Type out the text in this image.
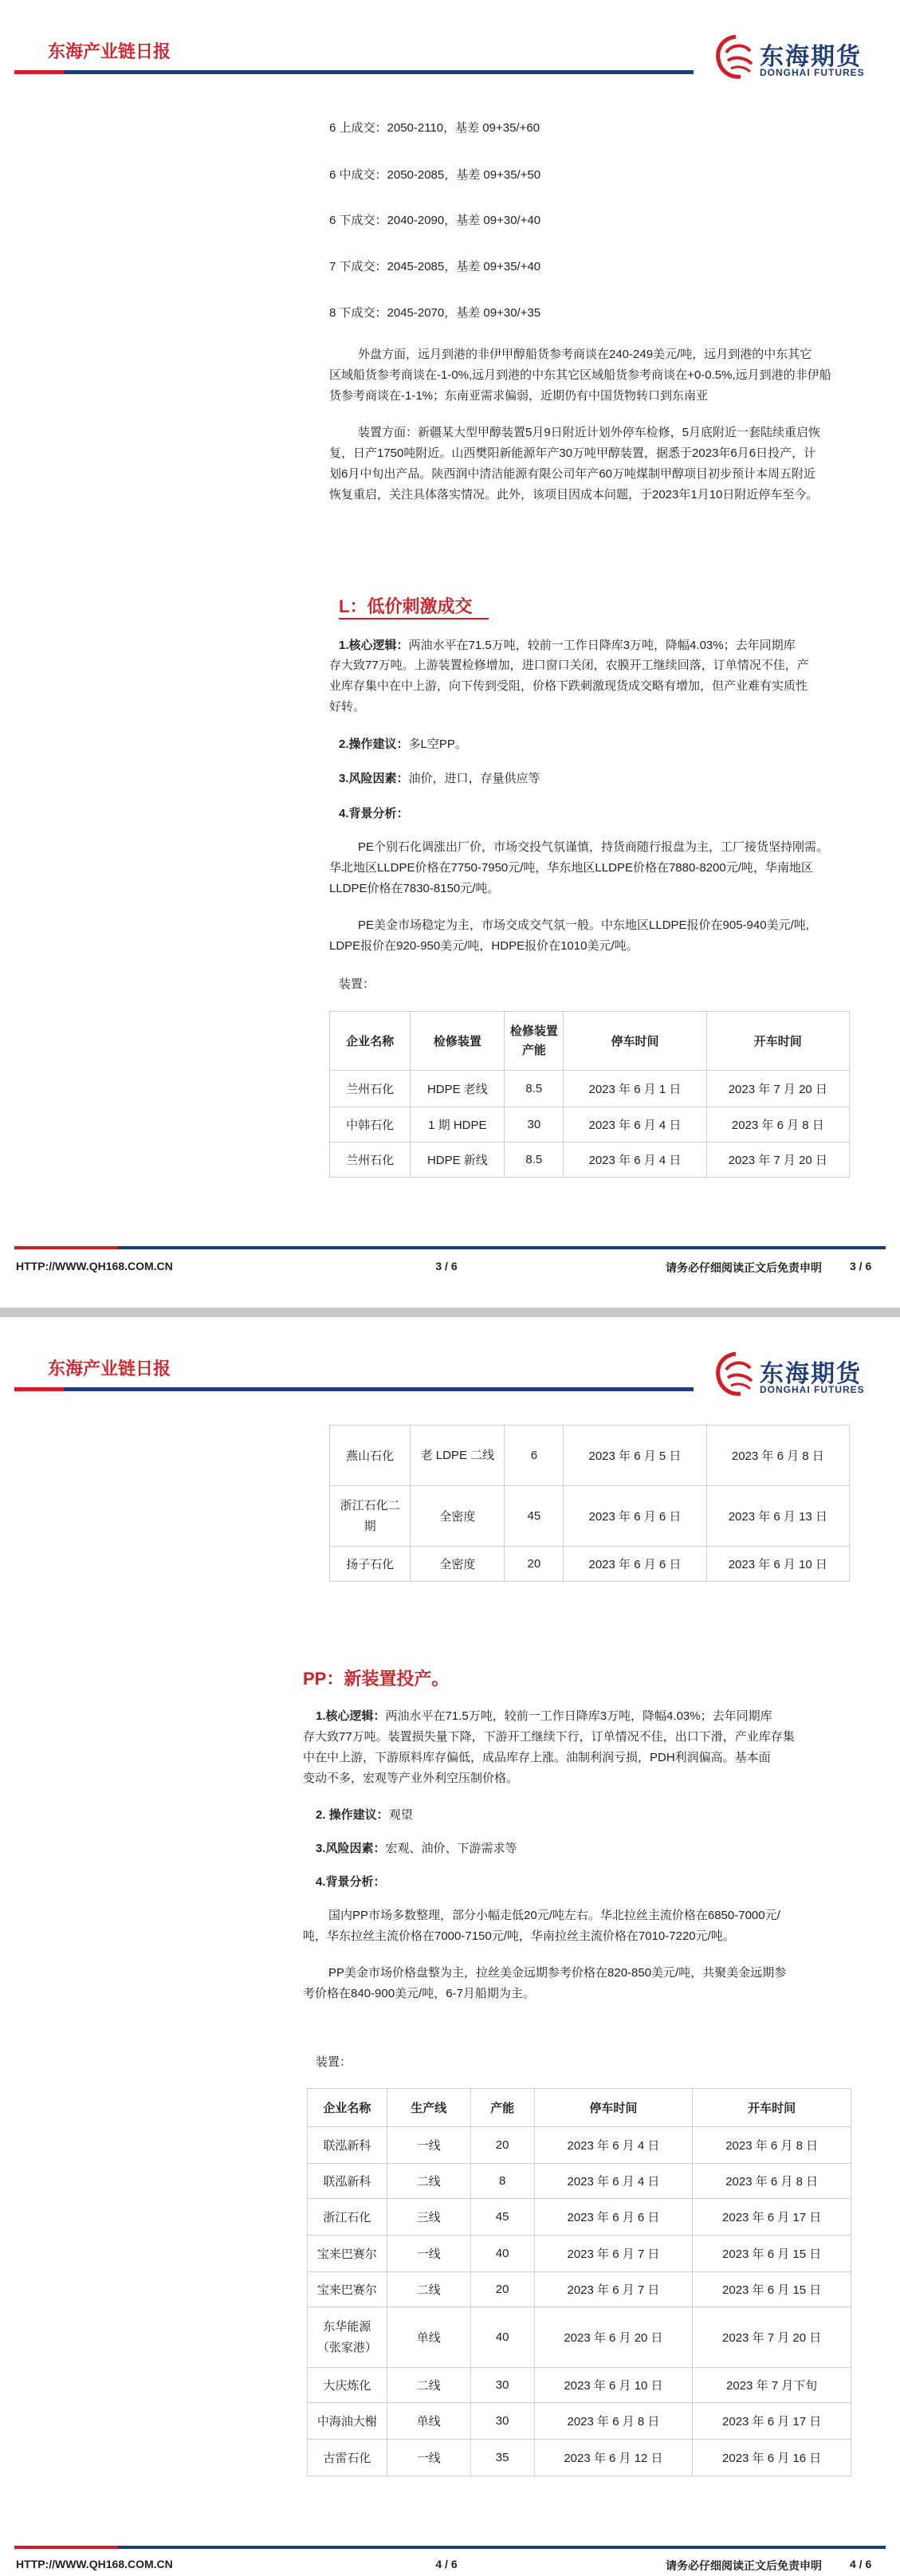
东海产业链日报	东海期货
DONGHAI FUTURES
6 上成交：2050-2110，基差 09+35/+60
6 中成交：2050-2085，基差 09+35/+50
6 下成交：2040-2090，基差 09+30/+40
7 下成交：2045-2085，基差 09+35/+40
8 下成交：2045-2070，基差 09+30/+35
外盘方面，远月到港的非伊甲醇船货参考商谈在240-249美元/吨，远月到港的中东其它
区域船货参考商谈在-1-0%,远月到港的中东其它区域船货参考商谈在+0-0.5%,远月到港的非伊船
货参考商谈在-1-1%；东南亚需求偏弱，近期仍有中国货物转口到东南亚
装置方面：新疆某大型甲醇装置5月9日附近计划外停车检修，5月底附近一套陆续重启恢
复，日产1750吨附近。山西樊阳新能源年产30万吨甲醇装置，据悉于2023年6月6日投产，计
划6月中旬出产品。陕西润中清洁能源有限公司年产60万吨煤制甲醇项目初步预计本周五附近
恢复重启，关注具体落实情况。此外，该项目因成本问题，于2023年1月10日附近停车至今。
L：低价刺激成交
1.核心逻辑：两油水平在71.5万吨，较前一工作日降库3万吨，降幅4.03%；去年同期库
存大致77万吨。上游装置检修增加，进口窗口关闭，农膜开工继续回落，订单情况不佳，产
业库存集中在中上游，向下传到受阻，价格下跌刺激现货成交略有增加，但产业难有实质性
好转。
2.操作建议：多L空PP。
3.风险因素：油价，进口，存量供应等
4.背景分析：
PE个别石化调涨出厂价，市场交投气氛谨慎，持货商随行报盘为主，工厂接货坚持刚需。
华北地区LLDPE价格在7750-7950元/吨，华东地区LLDPE价格在7880-8200元/吨，华南地区
LLDPE价格在7830-8150元/吨。
PE美金市场稳定为主，市场交成交气氛一般。中东地区LLDPE报价在905-940美元/吨,
LDPE报价在920-950美元/吨，HDPE报价在1010美元/吨。
装置：
企业名称	检修装置	检修装置产能	停车时间	开车时间
兰州石化	HDPE 老线	8.5	2023 年 6 月 1 日	2023 年 7 月 20 日
中韩石化	1 期 HDPE	30	2023 年 6 月 4 日	2023 年 6 月 8 日
兰州石化	HDPE 新线	8.5	2023 年 6 月 4 日	2023 年 7 月 20 日
HTTP://WWW.QH168.COM.CN	3 / 6	请务必仔细阅读正文后免责申明	3 / 6
东海产业链日报	东海期货
DONGHAI FUTURES
燕山石化	老 LDPE 二线	6	2023 年 6 月 5 日	2023 年 6 月 8 日
浙江石化二期	全密度	45	2023 年 6 月 6 日	2023 年 6 月 13 日
扬子石化	全密度	20	2023 年 6 月 6 日	2023 年 6 月 10 日
PP：新装置投产。
1.核心逻辑：两油水平在71.5万吨，较前一工作日降库3万吨，降幅4.03%；去年同期库
存大致77万吨。装置损失量下降，下游开工继续下行，订单情况不佳，出口下滑，产业库存集
中在中上游，下游原料库存偏低，成品库存上涨。油制利润亏损，PDH利润偏高。基本面
变动不多，宏观等产业外利空压制价格。
2. 操作建议：观望
3.风险因素：宏观、油价、下游需求等
4.背景分析：
国内PP市场多数整理，部分小幅走低20元/吨左右。华北拉丝主流价格在6850-7000元/
吨，华东拉丝主流价格在7000-7150元/吨，华南拉丝主流价格在7010-7220元/吨。
PP美金市场价格盘整为主，拉丝美金远期参考价格在820-850美元/吨，共聚美金远期参
考价格在840-900美元/吨，6-7月船期为主。
装置：
企业名称	生产线	产能	停车时间	开车时间
联泓新科	一线	20	2023 年 6 月 4 日	2023 年 6 月 8 日
联泓新科	二线	8	2023 年 6 月 4 日	2023 年 6 月 8 日
浙江石化	三线	45	2023 年 6 月 6 日	2023 年 6 月 17 日
宝来巴赛尔	一线	40	2023 年 6 月 7 日	2023 年 6 月 15 日
宝来巴赛尔	二线	20	2023 年 6 月 7 日	2023 年 6 月 15 日
东华能源（张家港）	单线	40	2023 年 6 月 20 日	2023 年 7 月 20 日
大庆炼化	二线	30	2023 年 6 月 10 日	2023 年 7 月下旬
中海油大榭	单线	30	2023 年 6 月 8 日	2023 年 6 月 17 日
古雷石化	一线	35	2023 年 6 月 12 日	2023 年 6 月 16 日
HTTP://WWW.QH168.COM.CN	4 / 6	请务必仔细阅读正文后免责申明	4 / 6
